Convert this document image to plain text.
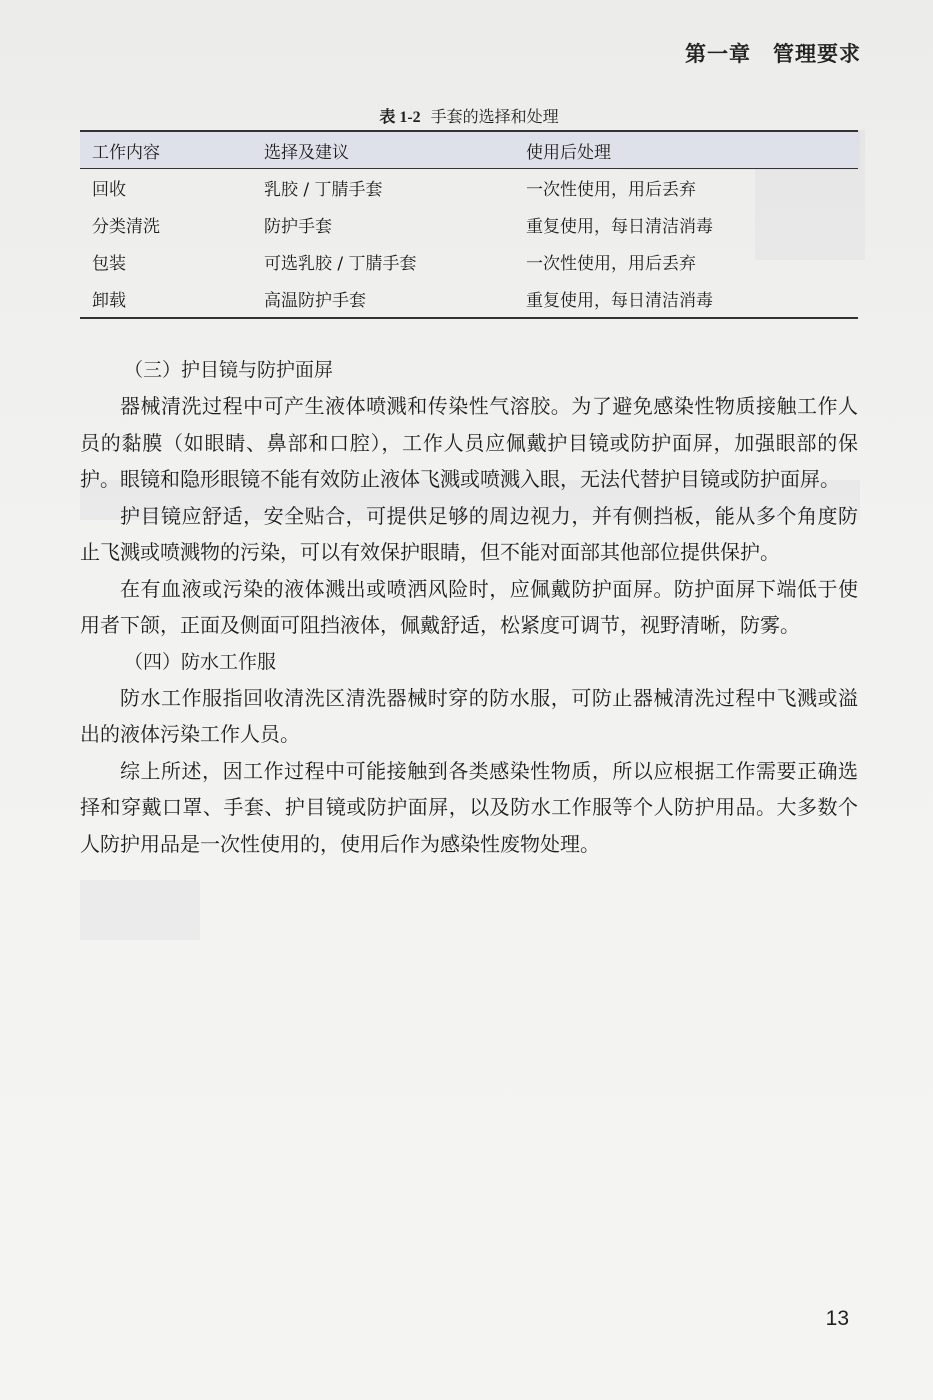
第一章　管理要求
表 1-2 手套的选择和处理
工作内容	选择及建议	使用后处理
回收	乳胶 / 丁腈手套	一次性使用，用后丢弃
分类清洗	防护手套	重复使用，每日清洁消毒
包装	可选乳胶 / 丁腈手套	一次性使用，用后丢弃
卸载	高温防护手套	重复使用，每日清洁消毒
（三）护目镜与防护面屏

器械清洗过程中可产生液体喷溅和传染性气溶胶。为了避免感染性物质接触工作人员的黏膜（如眼睛、鼻部和口腔），工作人员应佩戴护目镜或防护面屏，加强眼部的保护。眼镜和隐形眼镜不能有效防止液体飞溅或喷溅入眼，无法代替护目镜或防护面屏。

护目镜应舒适，安全贴合，可提供足够的周边视力，并有侧挡板，能从多个角度防止飞溅或喷溅物的污染，可以有效保护眼睛，但不能对面部其他部位提供保护。

在有血液或污染的液体溅出或喷洒风险时，应佩戴防护面屏。防护面屏下端低于使用者下颌，正面及侧面可阻挡液体，佩戴舒适，松紧度可调节，视野清晰，防雾。

（四）防水工作服

防水工作服指回收清洗区清洗器械时穿的防水服，可防止器械清洗过程中飞溅或溢出的液体污染工作人员。

综上所述，因工作过程中可能接触到各类感染性物质，所以应根据工作需要正确选择和穿戴口罩、手套、护目镜或防护面屏，以及防水工作服等个人防护用品。大多数个人防护用品是一次性使用的，使用后作为感染性废物处理。

13
